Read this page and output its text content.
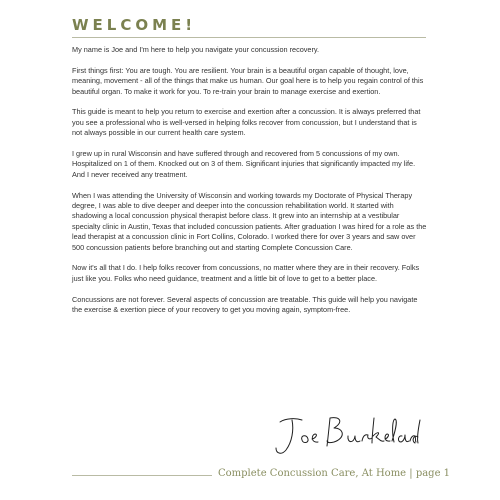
WELCOME!

My name is Joe and I'm here to help you navigate your concussion recovery.

First things first: You are tough. You are resilient. Your brain is a beautiful organ capable of thought, love, meaning, movement - all of the things that make us human. Our goal here is to help you regain control of this beautiful organ. To make it work for you. To re-train your brain to manage exercise and exertion.

This guide is meant to help you return to exercise and exertion after a concussion. It is always preferred that you see a professional who is well-versed in helping folks recover from concussion, but I understand that is not always possible in our current health care system.

I grew up in rural Wisconsin and have suffered through and recovered from 5 concussions of my own. Hospitalized on 1 of them. Knocked out on 3 of them. Significant injuries that significantly impacted my life. And I never received any treatment.

When I was attending the University of Wisconsin and working towards my Doctorate of Physical Therapy degree, I was able to dive deeper and deeper into the concussion rehabilitation world. It started with shadowing a local concussion physical therapist before class. It grew into an internship at a vestibular specialty clinic in Austin, Texas that included concussion patients. After graduation I was hired for a role as the lead therapist at a concussion clinic in Fort Collins, Colorado. I worked there for over 3 years and saw over 500 concussion patients before branching out and starting Complete Concussion Care.

Now it's all that I do. I help folks recover from concussions, no matter where they are in their recovery. Folks just like you. Folks who need guidance, treatment and a little bit of love to get to a better place.

Concussions are not forever. Several aspects of concussion are treatable. This guide will help you navigate the exercise & exertion piece of your recovery to get you moving again, symptom-free.

Complete Concussion Care, At Home | page 1
